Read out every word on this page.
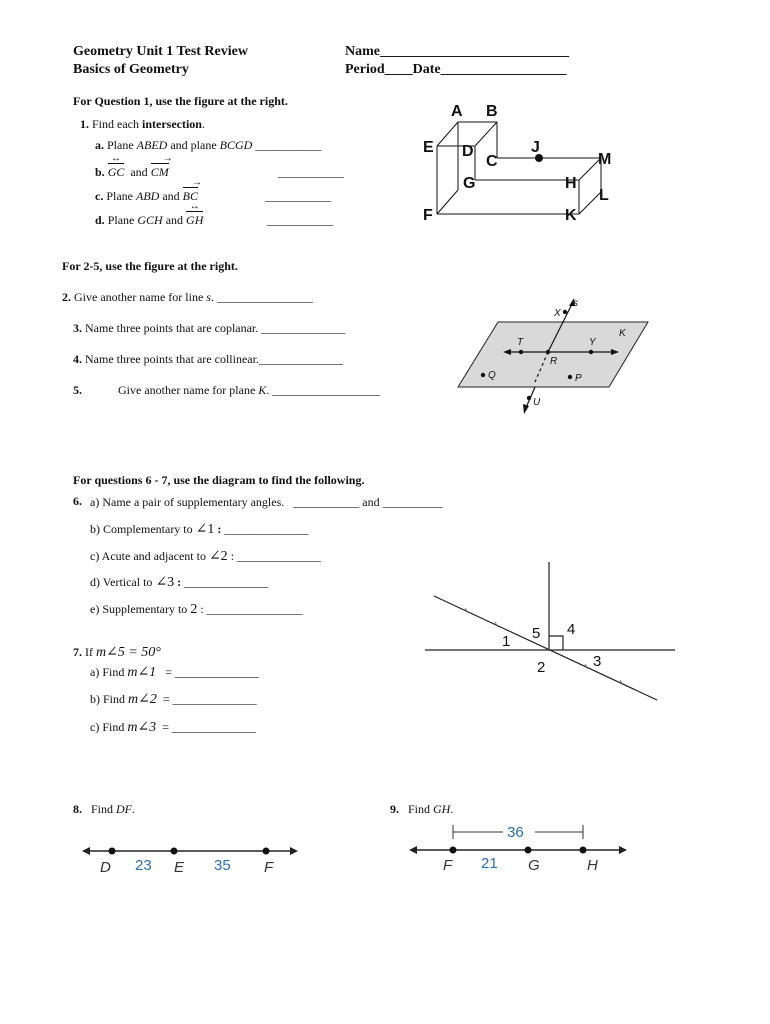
Geometry Unit 1 Test Review
Basics of Geometry
Name___________________________
Period____Date__________________
For Question 1, use the figure at the right.
1. Find each intersection.
a. Plane ABED and plane BCGD ___________
b. GC ↔ and CM →	___________
c. Plane ABD and BC →	___________
d. Plane GCH and GH ↔	___________
A B
E D
C
J
M
G	H
L
F	K
For 2-5, use the figure at the right.
2. Give another name for line s. ________________
3. Name three points that are coplanar. ______________
4. Name three points that are collinear.______________
5.	Give another name for plane K. __________________
X
s
K
T	Y
R
Q	P
U
For questions 6 - 7, use the diagram to find the following.
6. a) Name a pair of supplementary angles. ___________ and __________
b) Complementary to ∠1 : ______________
c) Acute and adjacent to ∠2 : ______________
d) Vertical to ∠3 : ______________
e) Supplementary to 2 : ________________
7. If m∠5 = 50°
a) Find m∠1 = ______________
b) Find m∠2 = ______________
c) Find m∠3 = ______________
1 5 4
2	3
8. Find DF.
D	E	F
23	35
9. Find GH.
36
F	G	H
21
